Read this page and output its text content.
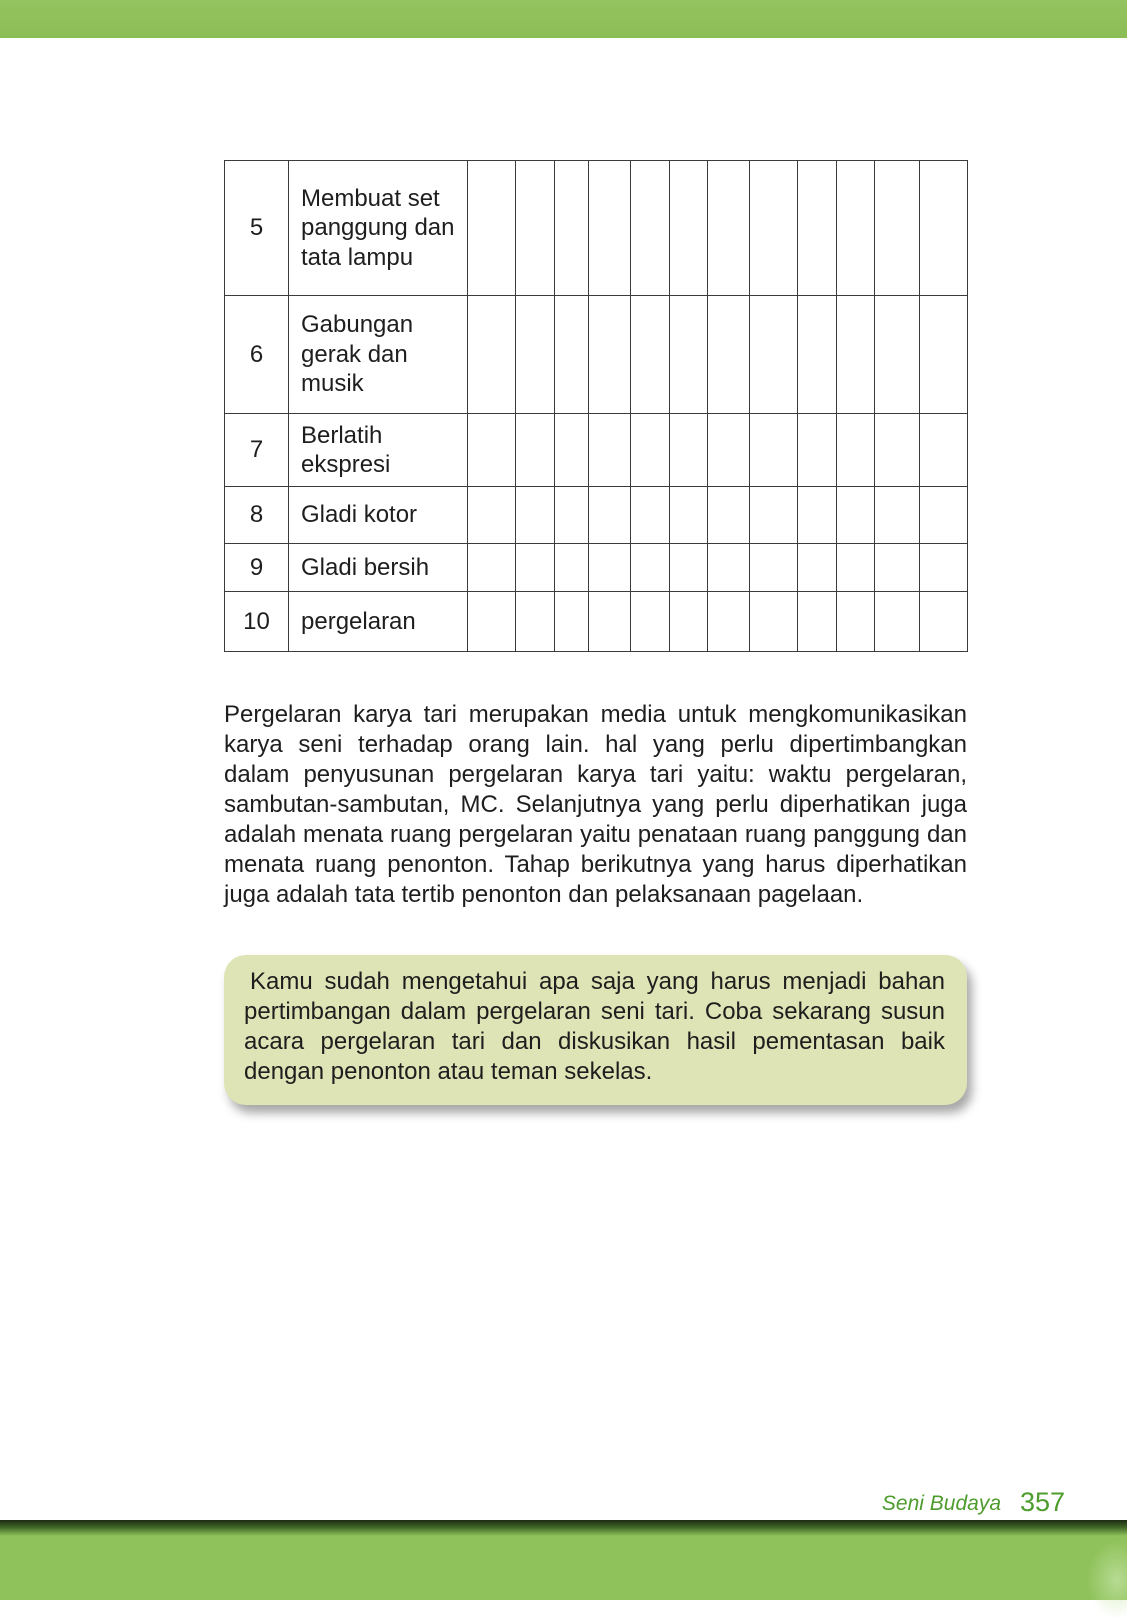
5	Membuat set panggung dan tata lampu												
6	Gabungan gerak dan musik												
7	Berlatih ekspresi												
8	Gladi kotor												
9	Gladi bersih												
10	pergelaran												

Pergelaran karya tari merupakan media untuk mengkomunikasikan karya seni terhadap orang lain. hal yang perlu dipertimbangkan dalam penyusunan pergelaran karya tari yaitu: waktu pergelaran, sambutan-sambutan, MC. Selanjutnya yang perlu diperhatikan juga adalah menata ruang pergelaran yaitu penataan ruang panggung dan menata ruang penonton. Tahap berikutnya yang harus diperhatikan juga adalah tata tertib penonton dan pelaksanaan pagelaan.

Kamu sudah mengetahui apa saja yang harus menjadi bahan pertimbangan dalam pergelaran seni tari. Coba sekarang susun acara pergelaran tari dan diskusikan hasil pementasan baik dengan penonton atau teman sekelas.

Seni Budaya 357
